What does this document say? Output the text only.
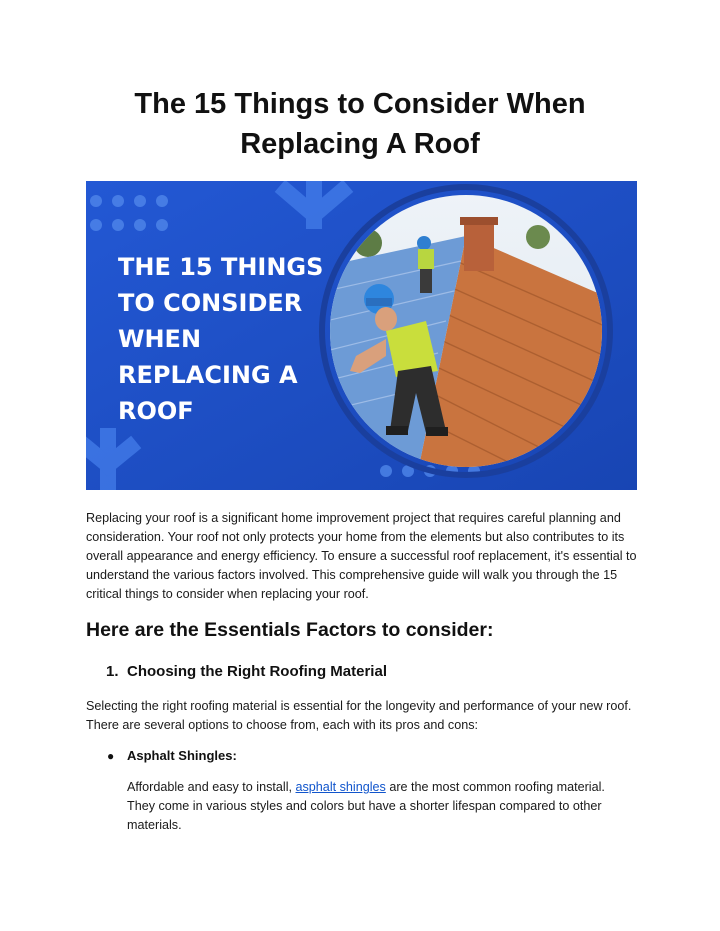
The 15 Things to Consider When
Replacing A Roof
THE 15 THINGS
TO CONSIDER
WHEN
REPLACING A
ROOF

Replacing your roof is a significant home improvement project that requires careful planning and consideration. Your roof not only protects your home from the elements but also contributes to its overall appearance and energy efficiency. To ensure a successful roof replacement, it's essential to understand the various factors involved. This comprehensive guide will walk you through the 15 critical things to consider when replacing your roof.

Here are the Essentials Factors to consider:
1. Choosing the Right Roofing Material

Selecting the right roofing material is essential for the longevity and performance of your new roof. There are several options to choose from, each with its pros and cons:

● Asphalt Shingles:

Affordable and easy to install, asphalt shingles are the most common roofing material. They come in various styles and colors but have a shorter lifespan compared to other materials.
